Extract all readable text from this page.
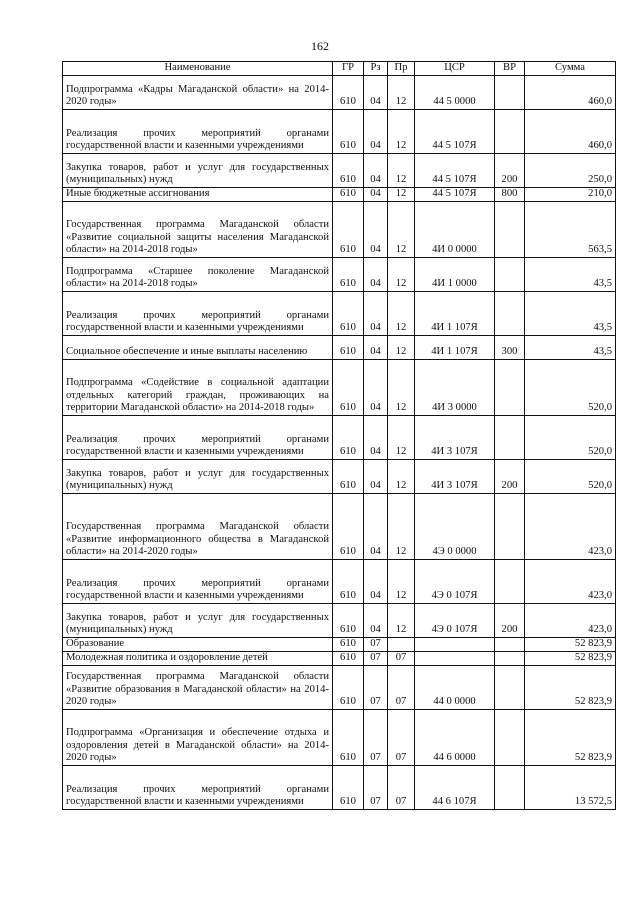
162
Наименование	ГР	Рз	Пр	ЦСР	ВР	Сумма
Подпрограмма «Кадры Магаданской области» на 2014-2020 годы»	610	04	12	44 5 0000		460,0
Реализация прочих мероприятий органами государственной власти и казенными учреждениями	610	04	12	44 5 107Я		460,0
Закупка товаров, работ и услуг для государственных (муниципальных) нужд	610	04	12	44 5 107Я	200	250,0
Иные бюджетные ассигнования	610	04	12	44 5 107Я	800	210,0
Государственная программа Магаданской области «Развитие социальной защиты населения Магаданской области» на 2014-2018 годы»	610	04	12	4И 0 0000		563,5
Подпрограмма «Старшее поколение Магаданской области» на 2014-2018 годы»	610	04	12	4И 1 0000		43,5
Реализация прочих мероприятий органами государственной власти и казенными учреждениями	610	04	12	4И 1 107Я		43,5
Социальное обеспечение и иные выплаты населению	610	04	12	4И 1 107Я	300	43,5
Подпрограмма «Содействие в социальной адаптации отдельных категорий граждан, проживающих на территории Магаданской области» на 2014-2018 годы»	610	04	12	4И 3 0000		520,0
Реализация прочих мероприятий органами государственной власти и казенными учреждениями	610	04	12	4И 3 107Я		520,0
Закупка товаров, работ и услуг для государственных (муниципальных) нужд	610	04	12	4И 3 107Я	200	520,0
Государственная программа Магаданской области «Развитие информационного общества в Магаданской области» на 2014-2020 годы»	610	04	12	4Э 0 0000		423,0
Реализация прочих мероприятий органами государственной власти и казенными учреждениями	610	04	12	4Э 0 107Я		423,0
Закупка товаров, работ и услуг для государственных (муниципальных) нужд	610	04	12	4Э 0 107Я	200	423,0
Образование	610	07				52 823,9
Молодежная политика и оздоровление детей	610	07	07			52 823,9
Государственная программа Магаданской области «Развитие образования в Магаданской области» на 2014-2020 годы»	610	07	07	44 0 0000		52 823,9
Подпрограмма «Организация и обеспечение отдыха и оздоровления детей в Магаданской области» на 2014-2020 годы»	610	07	07	44 6 0000		52 823,9
Реализация прочих мероприятий органами государственной власти и казенными учреждениями	610	07	07	44 6 107Я		13 572,5
